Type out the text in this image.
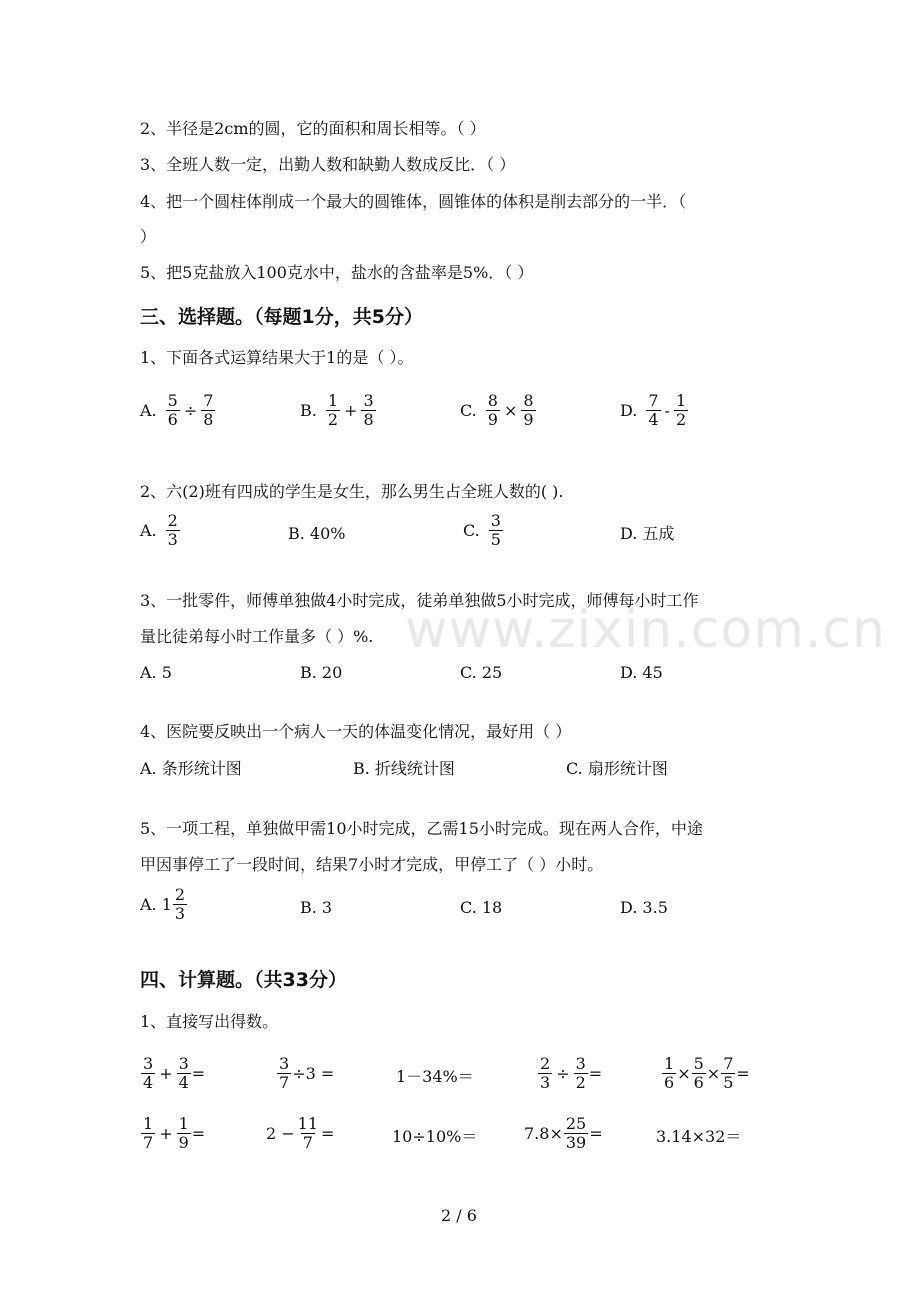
2、半径是2cm的圆，它的面积和周长相等。（ ）
3、全班人数一定，出勤人数和缺勤人数成反比．（ ）
4、把一个圆柱体削成一个最大的圆锥体，圆锥体的体积是削去部分的一半．（
）
5、把5克盐放入100克水中，盐水的含盐率是5%．（ ）
三、选择题。（每题1分，共5分）
1、下面各式运算结果大于1的是（ ）。
A. $\frac{5}{6} \div \frac{7}{8}$	B. $\frac{1}{2} + \frac{3}{8}$	C. $\frac{8}{9} \times \frac{8}{9}$	D. $\frac{7}{4} - \frac{1}{2}$
2、六(2)班有四成的学生是女生，那么男生占全班人数的( ).
A. $\frac{2}{3}$	B. 40%	C. $\frac{3}{5}$	D. 五成
3、一批零件，师傅单独做4小时完成，徒弟单独做5小时完成，师傅每小时工作
量比徒弟每小时工作量多（ ）%.
A. 5	B. 20	C. 25	D. 45
4、医院要反映出一个病人一天的体温变化情况，最好用（ ）
A. 条形统计图	B. 折线统计图	C. 扇形统计图
5、一项工程，单独做甲需10小时完成，乙需15小时完成。现在两人合作，中途
甲因事停工了一段时间，结果7小时才完成，甲停工了（ ）小时。
A. $1 \frac{2}{3}$	B. 3	C. 18	D. 3.5
四、计算题。（共33分）
1、直接写出得数。
$\frac{3}{4} + \frac{3}{4}$ =	$\frac{3}{7} \div 3$ =	1－34%＝	$\frac{2}{3} \div \frac{3}{2}$ =	$\frac{1}{6} \times \frac{5}{6} \times \frac{7}{5}$ =
$\frac{1}{7} + \frac{1}{9}$ =	$2 - \frac{11}{7}$ =	10÷10%＝	$7.8\times \frac{25}{39}$ =	3.14×32＝
www.zixin.com.cn
2 / 6
